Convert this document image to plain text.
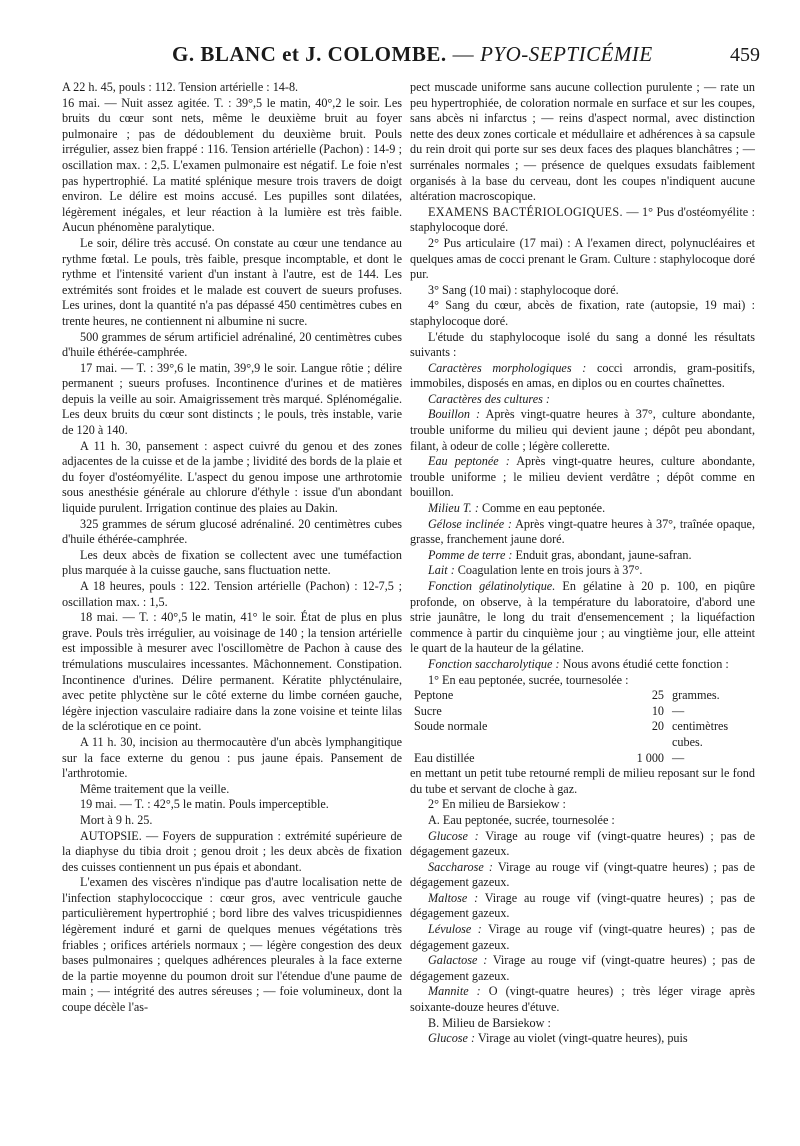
G. BLANC et J. COLOMBE. — PYO-SEPTICÉMIE	459

A 22 h. 45, pouls : 112. Tension artérielle : 14-8.

16 mai. — Nuit assez agitée. T. : 39°,5 le matin, 40°,2 le soir. Les bruits du cœur sont nets, même le deuxième bruit au foyer pulmonaire ; pas de dédoublement du deuxième bruit. Pouls irrégulier, assez bien frappé : 116. Tension artérielle (Pachon) : 14-9 ; oscillation max. : 2,5. L'examen pulmonaire est négatif. Le foie n'est pas hypertrophié. La matité splénique mesure trois travers de doigt environ. Le délire est moins accusé. Les pupilles sont dilatées, légèrement inégales, et leur réaction à la lumière est très faible. Aucun phénomène paralytique.

Le soir, délire très accusé. On constate au cœur une tendance au rythme fœtal. Le pouls, très faible, presque incomptable, et dont le rythme et l'intensité varient d'un instant à l'autre, est de 144. Les extrémités sont froides et le malade est couvert de sueurs profuses. Les urines, dont la quantité n'a pas dépassé 450 centimètres cubes en trente heures, ne contiennent ni albumine ni sucre.

500 grammes de sérum artificiel adrénaliné, 20 centimètres cubes d'huile éthérée-camphrée.

17 mai. — T. : 39°,6 le matin, 39°,9 le soir. Langue rôtie ; délire permanent ; sueurs profuses. Incontinence d'urines et de matières depuis la veille au soir. Amaigrissement très marqué. Splénomégalie. Les deux bruits du cœur sont distincts ; le pouls, très instable, varie de 120 à 140.

A 11 h. 30, pansement : aspect cuivré du genou et des zones adjacentes de la cuisse et de la jambe ; lividité des bords de la plaie et du foyer d'ostéomyélite. L'aspect du genou impose une arthrotomie sous anesthésie générale au chlorure d'éthyle : issue d'un abondant liquide purulent. Irrigation continue des plaies au Dakin.

325 grammes de sérum glucosé adrénaliné. 20 centimètres cubes d'huile éthérée-camphrée.

Les deux abcès de fixation se collectent avec une tuméfaction plus marquée à la cuisse gauche, sans fluctuation nette.

A 18 heures, pouls : 122. Tension artérielle (Pachon) : 12-7,5 ; oscillation max. : 1,5.

18 mai. — T. : 40°,5 le matin, 41° le soir. État de plus en plus grave. Pouls très irrégulier, au voisinage de 140 ; la tension artérielle est impossible à mesurer avec l'oscillomètre de Pachon à cause des trémulations musculaires incessantes. Mâchonnement. Constipation. Incontinence d'urines. Délire permanent. Kératite phlycténulaire, avec petite phlyctène sur le côté externe du limbe cornéen gauche, légère injection vasculaire radiaire dans la zone voisine et teinte lilas de la sclérotique en ce point.

A 11 h. 30, incision au thermocautère d'un abcès lymphangitique sur la face externe du genou : pus jaune épais. Pansement de l'arthrotomie.

Même traitement que la veille.

19 mai. — T. : 42°,5 le matin. Pouls imperceptible.

Mort à 9 h. 25.

AUTOPSIE. — Foyers de suppuration : extrémité supérieure de la diaphyse du tibia droit ; genou droit ; les deux abcès de fixation des cuisses contiennent un pus épais et abondant.

L'examen des viscères n'indique pas d'autre localisation nette de l'infection staphylococcique : cœur gros, avec ventricule gauche particulièrement hypertrophié ; bord libre des valves tricuspidiennes légèrement induré et garni de quelques menues végétations très friables ; orifices artériels normaux ; — légère congestion des deux bases pulmonaires ; quelques adhérences pleurales à la face externe de la partie moyenne du poumon droit sur l'étendue d'une paume de main ; — intégrité des autres séreuses ; — foie volumineux, dont la coupe décèle l'as-

pect muscade uniforme sans aucune collection purulente ; — rate un peu hypertrophiée, de coloration normale en surface et sur les coupes, sans abcès ni infarctus ; — reins d'aspect normal, avec distinction nette des deux zones corticale et médullaire et adhérences à sa capsule du rein droit qui porte sur ses deux faces des plaques blanchâtres ; — surrénales normales ; — présence de quelques exsudats faiblement organisés à la base du cerveau, dont les coupes n'indiquent aucune altération macroscopique.

EXAMENS BACTÉRIOLOGIQUES. — 1° Pus d'ostéomyélite : staphylocoque doré.

2° Pus articulaire (17 mai) : A l'examen direct, polynucléaires et quelques amas de cocci prenant le Gram. Culture : staphylocoque doré pur.

3° Sang (10 mai) : staphylocoque doré.

4° Sang du cœur, abcès de fixation, rate (autopsie, 19 mai) : staphylocoque doré.

L'étude du staphylocoque isolé du sang a donné les résultats suivants :

Caractères morphologiques : cocci arrondis, gram-positifs, immobiles, disposés en amas, en diplos ou en courtes chaînettes.

Caractères des cultures :

Bouillon : Après vingt-quatre heures à 37°, culture abondante, trouble uniforme du milieu qui devient jaune ; dépôt peu abondant, filant, à odeur de colle ; légère collerette.

Eau peptonée : Après vingt-quatre heures, culture abondante, trouble uniforme ; le milieu devient verdâtre ; dépôt comme en bouillon.

Milieu T. : Comme en eau peptonée.

Gélose inclinée : Après vingt-quatre heures à 37°, traînée opaque, grasse, franchement jaune doré.

Pomme de terre : Enduit gras, abondant, jaune-safran.

Lait : Coagulation lente en trois jours à 37°.

Fonction gélatinolytique. En gélatine à 20 p. 100, en piqûre profonde, on observe, à la température du laboratoire, d'abord une strie jaunâtre, le long du trait d'ensemencement ; la liquéfaction commence à partir du cinquième jour ; au vingtième jour, elle atteint le quart de la hauteur de la gélatine.

Fonction saccharolytique : Nous avons étudié cette fonction :

1° En eau peptonée, sucrée, tournesolée :

Peptone	25	grammes.
Sucre	10	—
Soude normale	20	centimètres cubes.
Eau distillée	1 000	—

en mettant un petit tube retourné rempli de milieu reposant sur le fond du tube et servant de cloche à gaz.

2° En milieu de Barsiekow :

A. Eau peptonée, sucrée, tournesolée :

Glucose : Virage au rouge vif (vingt-quatre heures) ; pas de dégagement gazeux.

Saccharose : Virage au rouge vif (vingt-quatre heures) ; pas de dégagement gazeux.

Maltose : Virage au rouge vif (vingt-quatre heures) ; pas de dégagement gazeux.

Lévulose : Virage au rouge vif (vingt-quatre heures) ; pas de dégagement gazeux.

Galactose : Virage au rouge vif (vingt-quatre heures) ; pas de dégagement gazeux.

Mannite : O (vingt-quatre heures) ; très léger virage après soixante-douze heures d'étuve.

B. Milieu de Barsiekow :

Glucose : Virage au violet (vingt-quatre heures), puis
